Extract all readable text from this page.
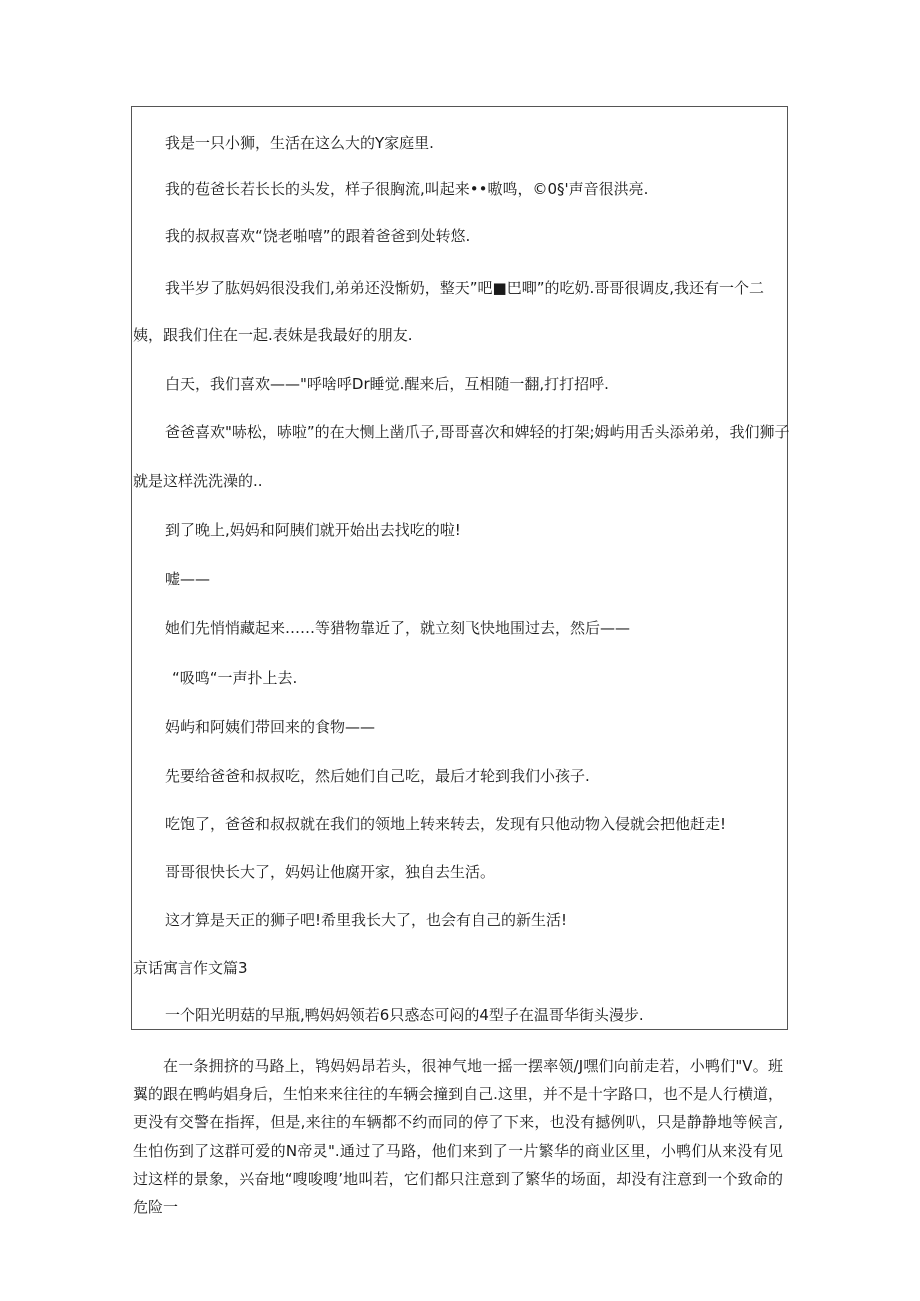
我是一只小狮，生活在这么大的Y家庭里.
我的苞爸长若长长的头发，样子很胸流,叫起来••嗷鸣，©0§'声音很洪亮.
我的叔叔喜欢“饶老啪嘻”的跟着爸爸到处转悠.
我半岁了肱妈妈很没我们,弟弟还没惭奶，整天”吧■巴唧”的吃奶.哥哥很调皮,我还有一个二
姨，跟我们住在一起.表妹是我最好的朋友.
白天，我们喜欢——"呼啥呼Dr睡觉.醒来后，互相随一翻,打打招呼.
爸爸喜欢"哧松，哧啦”的在大恻上凿爪子,哥哥喜次和婢轻的打架;姆屿用舌头添弟弟，我们狮子
就是这样洗洗澡的..
到了晚上,妈妈和阿胰们就开始出去找吃的啦!
嘘——
她们先悄悄藏起来……等猎物靠近了，就立刻飞快地围过去，然后——
“吸鸣“一声扑上去.
妈屿和阿姨们带回来的食物——
先要给爸爸和叔叔吃，然后她们自己吃，最后才轮到我们小孩子.
吃饱了，爸爸和叔叔就在我们的领地上转来转去，发现有只他动物入侵就会把他赶走!
哥哥很快长大了，妈妈让他腐开家，独自去生活。
这才算是天正的狮子吧!希里我长大了，也会有自己的新生活!
京话寓言作文篇3
一个阳光明菇的早瓶,鸭妈妈领若6只惑态可闷的4型子在温哥华街头漫步.

在一条拥挤的马路上，鸨妈妈昂若头，很神气地一摇一摆率领/J嘿们向前走若，小鸭们"V。班翼的跟在鸭屿娼身后，生怕来来往往的车辆会撞到自己.这里，并不是十字路口，也不是人行横道，更没有交警在指挥，但是,来往的车辆都不约而同的停了下来，也没有撼例叭，只是静静地等候言,生怕伤到了这群可爱的N帝灵".通过了马路，他们来到了一片繁华的商业区里，小鸭们从来没有见过这样的景象，兴奋地“嗖唆嗖’地叫若，它们都只注意到了繁华的场面，却没有注意到一个致命的危险一
